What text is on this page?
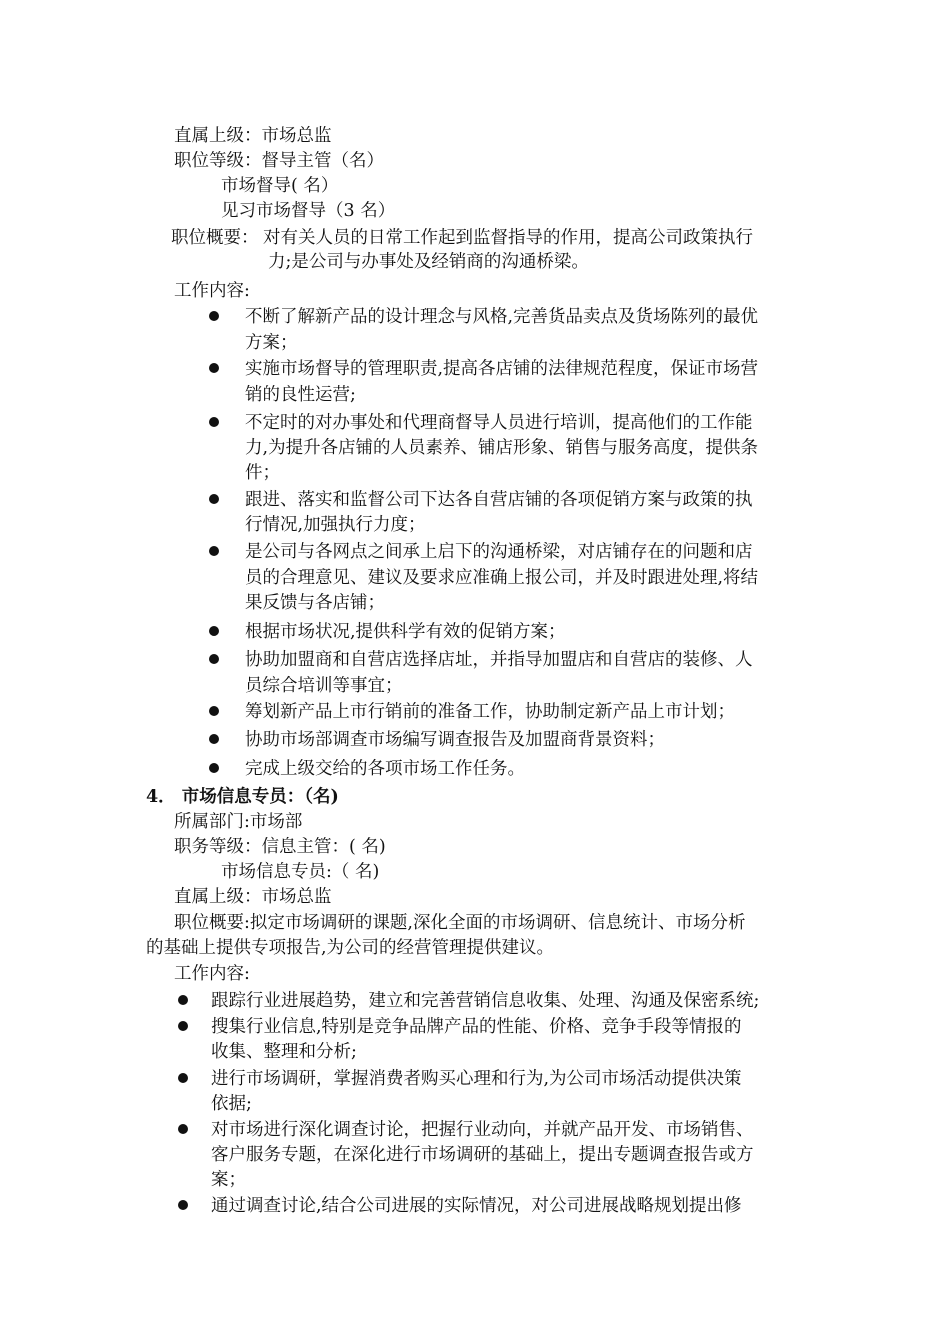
直属上级：市场总监
职位等级：督导主管（名）
市场督导( 名）
见习市场督导（3 名）
职位概要： 对有关人员的日常工作起到监督指导的作用，提高公司政策执行
力;是公司与办事处及经销商的沟通桥梁。
工作内容:
不断了解新产品的设计理念与风格,完善货品卖点及货场陈列的最优
方案；
实施市场督导的管理职责,提高各店铺的法律规范程度，保证市场营
销的良性运营;
不定时的对办事处和代理商督导人员进行培训，提高他们的工作能
力,为提升各店铺的人员素养、铺店形象、销售与服务高度，提供条
件；
跟进、落实和监督公司下达各自营店铺的各项促销方案与政策的执
行情况,加强执行力度；
是公司与各网点之间承上启下的沟通桥梁，对店铺存在的问题和店
员的合理意见、建议及要求应准确上报公司，并及时跟进处理,将结
果反馈与各店铺；
根据市场状况,提供科学有效的促销方案；
协助加盟商和自营店选择店址，并指导加盟店和自营店的装修、人
员综合培训等事宜；
筹划新产品上市行销前的准备工作，协助制定新产品上市计划；
协助市场部调查市场编写调查报告及加盟商背景资料；
完成上级交给的各项市场工作任务。
4． 市场信息专员：（名)
所属部门:市场部
职务等级：信息主管：( 名)
市场信息专员:（ 名)
直属上级：市场总监
职位概要:拟定市场调研的课题,深化全面的市场调研、信息统计、市场分析
的基础上提供专项报告,为公司的经营管理提供建议。
工作内容:
跟踪行业进展趋势，建立和完善营销信息收集、处理、沟通及保密系统;
搜集行业信息,特别是竞争品牌产品的性能、价格、竞争手段等情报的
收集、整理和分析;
进行市场调研，掌握消费者购买心理和行为,为公司市场活动提供决策
依据;
对市场进行深化调查讨论，把握行业动向，并就产品开发、市场销售、
客户服务专题，在深化进行市场调研的基础上，提出专题调查报告或方
案；
通过调查讨论,结合公司进展的实际情况，对公司进展战略规划提出修
